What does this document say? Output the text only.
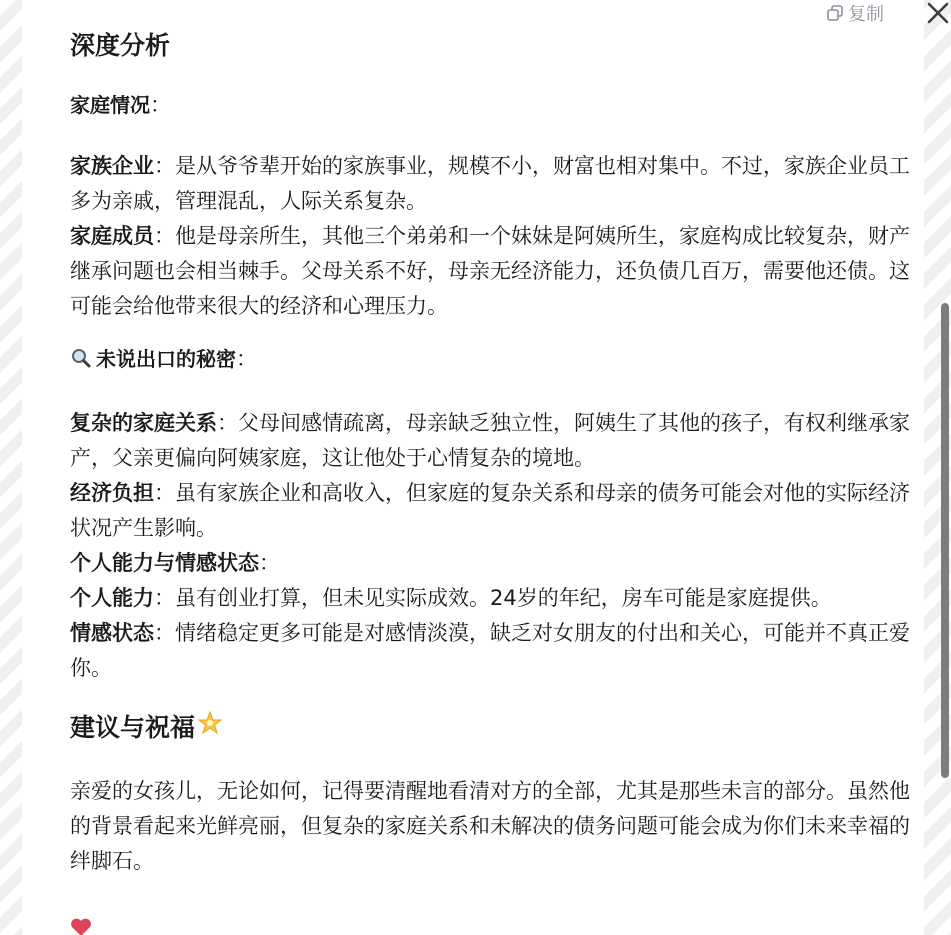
复制
深度分析

家庭情况：

家族企业：是从爷爷辈开始的家族事业，规模不小，财富也相对集中。不过，家族企业员工多为亲戚，管理混乱，人际关系复杂。

家庭成员：他是母亲所生，其他三个弟弟和一个妹妹是阿姨所生，家庭构成比较复杂，财产继承问题也会相当棘手。父母关系不好，母亲无经济能力，还负债几百万，需要他还债。这可能会给他带来很大的经济和心理压力。

未说出口的秘密：

复杂的家庭关系：父母间感情疏离，母亲缺乏独立性，阿姨生了其他的孩子，有权利继承家产，父亲更偏向阿姨家庭，这让他处于心情复杂的境地。

经济负担：虽有家族企业和高收入，但家庭的复杂关系和母亲的债务可能会对他的实际经济状况产生影响。

个人能力与情感状态：

个人能力：虽有创业打算，但未见实际成效。24岁的年纪，房车可能是家庭提供。

情感状态：情绪稳定更多可能是对感情淡漠，缺乏对女朋友的付出和关心，可能并不真正爱你。

建议与祝福

亲爱的女孩儿，无论如何，记得要清醒地看清对方的全部，尤其是那些未言的部分。虽然他的背景看起来光鲜亮丽，但复杂的家庭关系和未解决的债务问题可能会成为你们未来幸福的绊脚石。
